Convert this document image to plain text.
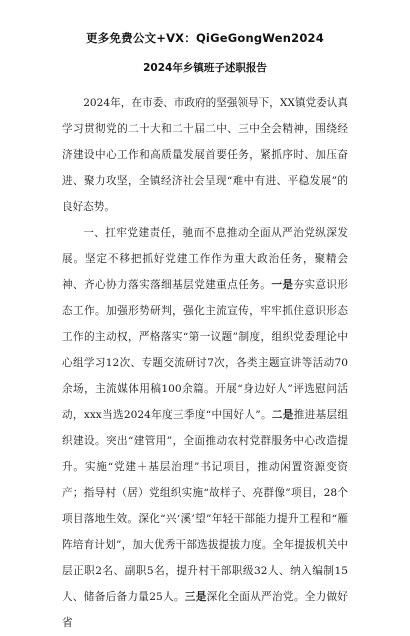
更多免费公文+VX：QiGeGongWen2024
2024年乡镇班子述职报告

2024年，在市委、市政府的坚强领导下，XX镇党委认真学习贯彻党的二十大和二十届二中、三中全会精神，围绕经济建设中心工作和高质量发展首要任务，紧抓序时、加压奋进、聚力攻坚，全镇经济社会呈现“难中有进、平稳发展”的良好态势。

一、扛牢党建责任，驰而不息推动全面从严治党纵深发展。坚定不移把抓好党建工作作为重大政治任务，聚精会神、齐心协力落实落细基层党建重点任务。一是夯实意识形态工作。加强形势研判，强化主流宣传，牢牢抓住意识形态工作的主动权，严格落实“第一议题”制度，组织党委理论中心组学习12次、专题交流研讨7次，各类主题宣讲等活动70余场，主流媒体用稿100余篇。开展“身边好人”评选慰问活动，xxx当选2024年度三季度“中国好人”。二是推进基层组织建设。突出“建管用”，全面推动农村党群服务中心改造提升。实施“党建＋基层治理”书记项目，推动闲置资源变资产；指导村（居）党组织实施“故样子、亮群像”项目，28个项目落地生效。深化“兴‘溪’望”年轻干部能力提升工程和“雁阵培育计划”，加大优秀干部选拔提拔力度。全年提拔机关中层正职2名、副职5名，提升村干部职级32人、纳入编制15人、储备后备力量25人。三是深化全面从严治党。全力做好省
